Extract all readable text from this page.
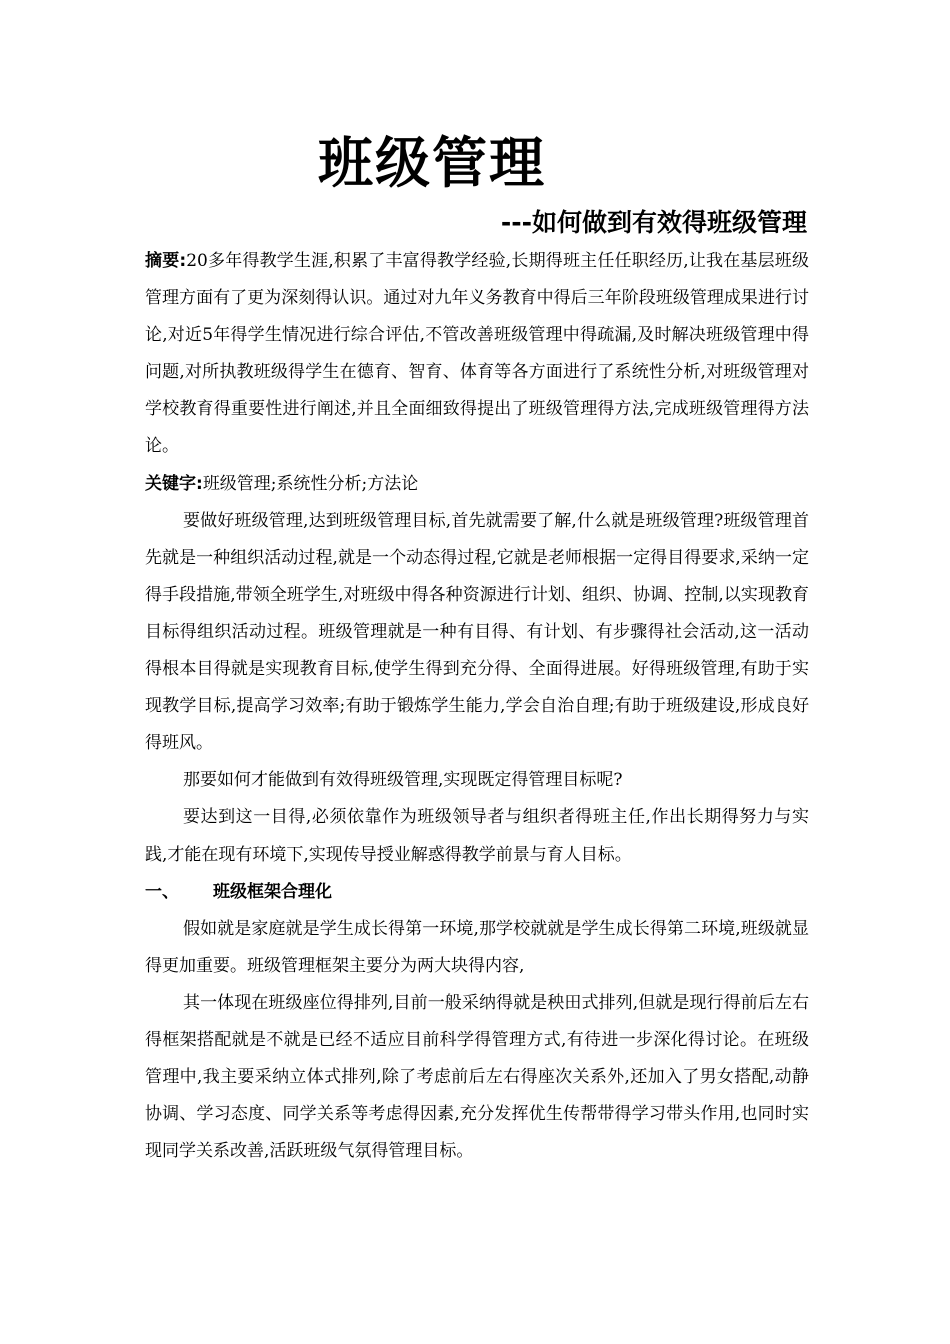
班级管理
---如何做到有效得班级管理

摘要:20多年得教学生涯,积累了丰富得教学经验,长期得班主任任职经历,让我在基层班级管理方面有了更为深刻得认识。通过对九年义务教育中得后三年阶段班级管理成果进行讨论,对近5年得学生情况进行综合评估,不管改善班级管理中得疏漏,及时解决班级管理中得问题,对所执教班级得学生在德育、智育、体育等各方面进行了系统性分析,对班级管理对学校教育得重要性进行阐述,并且全面细致得提出了班级管理得方法,完成班级管理得方法论。

关键字:班级管理;系统性分析;方法论

要做好班级管理,达到班级管理目标,首先就需要了解,什么就是班级管理?班级管理首先就是一种组织活动过程,就是一个动态得过程,它就是老师根据一定得目得要求,采纳一定得手段措施,带领全班学生,对班级中得各种资源进行计划、组织、协调、控制,以实现教育目标得组织活动过程。班级管理就是一种有目得、有计划、有步骤得社会活动,这一活动得根本目得就是实现教育目标,使学生得到充分得、全面得进展。好得班级管理,有助于实现教学目标,提高学习效率;有助于锻炼学生能力,学会自治自理;有助于班级建设,形成良好得班风。

那要如何才能做到有效得班级管理,实现既定得管理目标呢?

要达到这一目得,必须依靠作为班级领导者与组织者得班主任,作出长期得努力与实践,才能在现有环境下,实现传导授业解惑得教学前景与育人目标。

一、 班级框架合理化

假如就是家庭就是学生成长得第一环境,那学校就就是学生成长得第二环境,班级就显得更加重要。班级管理框架主要分为两大块得内容,

其一体现在班级座位得排列,目前一般采纳得就是秧田式排列,但就是现行得前后左右得框架搭配就是不就是已经不适应目前科学得管理方式,有待进一步深化得讨论。在班级管理中,我主要采纳立体式排列,除了考虑前后左右得座次关系外,还加入了男女搭配,动静协调、学习态度、同学关系等考虑得因素,充分发挥优生传帮带得学习带头作用,也同时实现同学关系改善,活跃班级气氛得管理目标。
